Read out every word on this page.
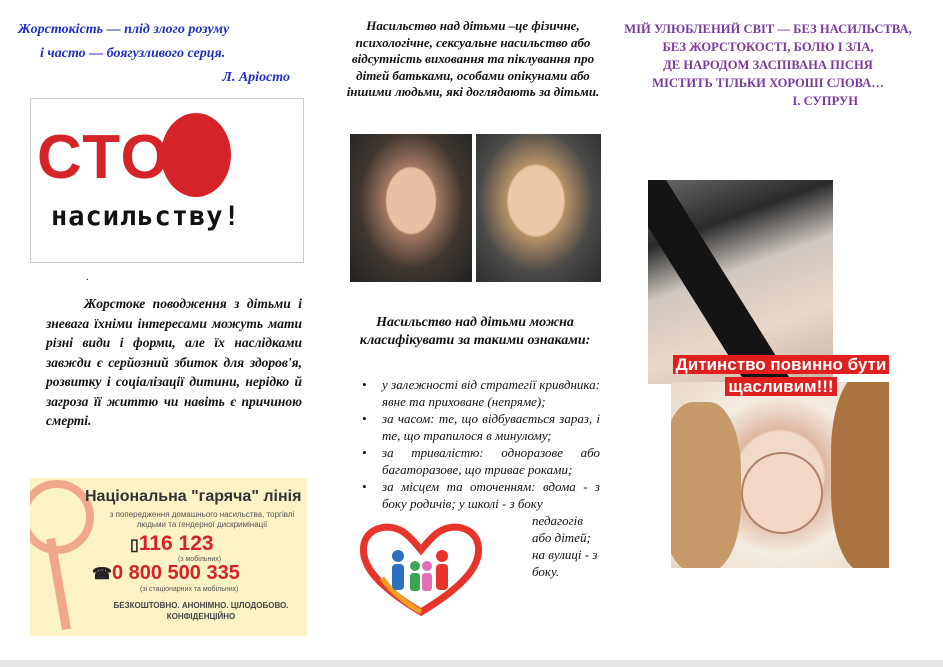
Жорстокість — плід злого розуму
і часто — боягузливого серця.
Л. Аріосто
СТОП
насильству!
.
Жорстоке поводження з дітьми і зневага їхніми інтересами можуть мати різні види і форми, але їх наслідками завжди є серйозний збиток для здоров'я, розвитку і соціалізації дитини, нерідко й загроза її життю чи навіть є причиною смерті.
Національна "гаряча" лінія
з попередження домашнього насильства, торгівлі людьми та гендерної дискримінації
▯116 123
(з мобільних)
☎0 800 500 335
(зі стаціонарних та мобільних)
БЕЗКОШТОВНО. АНОНІМНО. ЦІЛОДОБОВО. КОНФІДЕНЦІЙНО
Насильство над дітьми –це фізичне, психологічне, сексуальне насильство або відсутність виховання та піклування про дітей батьками, особами опікунами або іншими людьми, які доглядають за дітьми.
Насильство над дітьми можна класифікувати за такими ознаками:
• у залежності від стратегії кривдника: явне та приховане (непряме);
• за часом: те, що відбувається зараз, і те, що трапилося в минулому;
• за тривалістю: одноразове або багаторазове, що триває роками;
• за місцем та оточенням: вдома - з боку родичів; у школі - з боку
педагогів або дітей; на вулиці - з боку.
МІЙ УЛЮБЛЕНИЙ СВІТ — БЕЗ НАСИЛЬСТВА,
БЕЗ ЖОРСТОКОСТІ, БОЛЮ І ЗЛА,
ДЕ НАРОДОМ ЗАСПІВАНА ПІСНЯ
МІСТИТЬ ТІЛЬКИ ХОРОШІ СЛОВА…
І. СУПРУН
Дитинство повинно бути щасливим!!!
